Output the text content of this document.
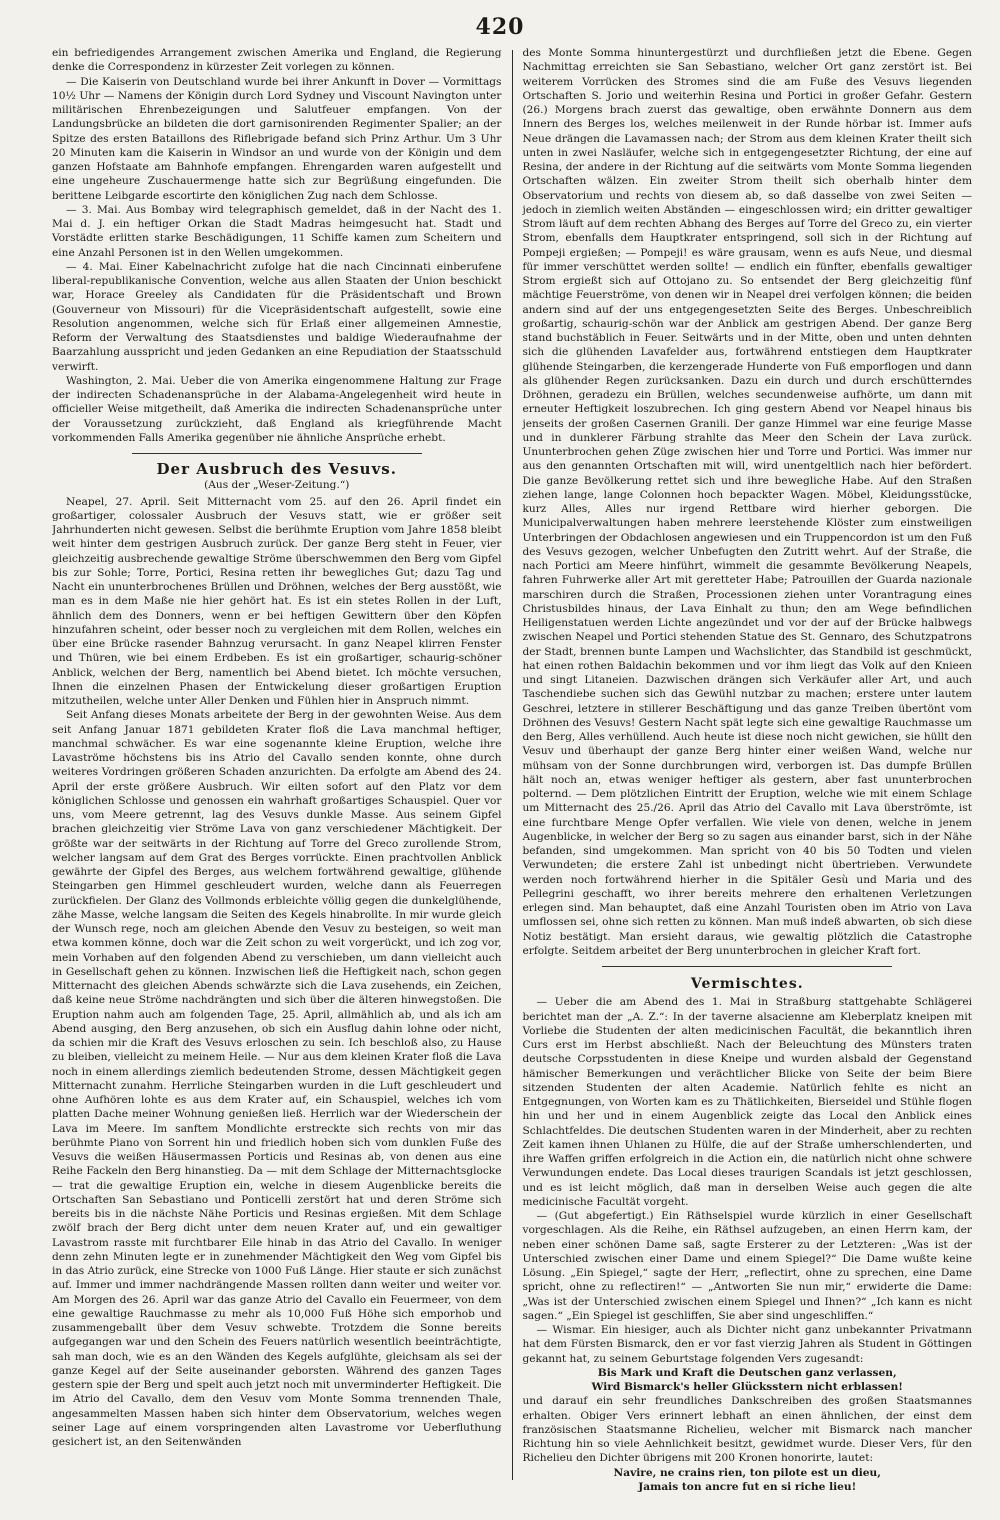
420

ein befriedigendes Arrangement zwischen Amerika und England, die Regierung denke die Correspondenz in kürzester Zeit vorlegen zu können.

— Die Kaiserin von Deutschland wurde bei ihrer Ankunft in Dover — Vormittags 10½ Uhr — Namens der Königin durch Lord Sydney und Viscount Navington unter militärischen Ehrenbezeigungen und Salutfeuer empfangen. Von der Landungsbrücke an bildeten die dort garnisonirenden Regimenter Spalier; an der Spitze des ersten Bataillons des Riflebrigade befand sich Prinz Arthur. Um 3 Uhr 20 Minuten kam die Kaiserin in Windsor an und wurde von der Königin und dem ganzen Hofstaate am Bahnhofe empfangen. Ehrengarden waren aufgestellt und eine ungeheure Zuschauermenge hatte sich zur Begrüßung eingefunden. Die berittene Leibgarde escortirte den königlichen Zug nach dem Schlosse.

— 3. Mai. Aus Bombay wird telegraphisch gemeldet, daß in der Nacht des 1. Mai d. J. ein heftiger Orkan die Stadt Madras heimgesucht hat. Stadt und Vorstädte erlitten starke Beschädigungen, 11 Schiffe kamen zum Scheitern und eine Anzahl Personen ist in den Wellen umgekommen.

— 4. Mai. Einer Kabelnachricht zufolge hat die nach Cincinnati einberufene liberal-republikanische Convention, welche aus allen Staaten der Union beschickt war, Horace Greeley als Candidaten für die Präsidentschaft und Brown (Gouverneur von Missouri) für die Vicepräsidentschaft aufgestellt, sowie eine Resolution angenommen, welche sich für Erlaß einer allgemeinen Amnestie, Reform der Verwaltung des Staatsdienstes und baldige Wiederaufnahme der Baarzahlung ausspricht und jeden Gedanken an eine Repudiation der Staatsschuld verwirft.

Washington, 2. Mai. Ueber die von Amerika eingenommene Haltung zur Frage der indirecten Schadenansprüche in der Alabama-Angelegenheit wird heute in officieller Weise mitgetheilt, daß Amerika die indirecten Schadenansprüche unter der Voraussetzung zurückzieht, daß England als kriegführende Macht vorkommenden Falls Amerika gegenüber nie ähnliche Ansprüche erhebt.

Der Ausbruch des Vesuvs.
(Aus der „Weser-Zeitung.“)

Neapel, 27. April. Seit Mitternacht vom 25. auf den 26. April findet ein großartiger, colossaler Ausbruch der Vesuvs statt, wie er größer seit Jahrhunderten nicht gewesen. Selbst die berühmte Eruption vom Jahre 1858 bleibt weit hinter dem gestrigen Ausbruch zurück. Der ganze Berg steht in Feuer, vier gleichzeitig ausbrechende gewaltige Ströme überschwemmen den Berg vom Gipfel bis zur Sohle; Torre, Portici, Resina retten ihr bewegliches Gut; dazu Tag und Nacht ein ununterbrochenes Brüllen und Dröhnen, welches der Berg ausstößt, wie man es in dem Maße nie hier gehört hat. Es ist ein stetes Rollen in der Luft, ähnlich dem des Donners, wenn er bei heftigen Gewittern über den Köpfen hinzufahren scheint, oder besser noch zu vergleichen mit dem Rollen, welches ein über eine Brücke rasender Bahnzug verursacht. In ganz Neapel klirren Fenster und Thüren, wie bei einem Erdbeben. Es ist ein großartiger, schaurig-schöner Anblick, welchen der Berg, namentlich bei Abend bietet. Ich möchte versuchen, Ihnen die einzelnen Phasen der Entwickelung dieser großartigen Eruption mitzutheilen, welche unter Aller Denken und Fühlen hier in Anspruch nimmt.

Seit Anfang dieses Monats arbeitete der Berg in der gewohnten Weise. Aus dem seit Anfang Januar 1871 gebildeten Krater floß die Lava manchmal heftiger, manchmal schwächer. Es war eine sogenannte kleine Eruption, welche ihre Lavaströme höchstens bis ins Atrio del Cavallo senden konnte, ohne durch weiteres Vordringen größeren Schaden anzurichten. Da erfolgte am Abend des 24. April der erste größere Ausbruch. Wir eilten sofort auf den Platz vor dem königlichen Schlosse und genossen ein wahrhaft großartiges Schauspiel. Quer vor uns, vom Meere getrennt, lag des Vesuvs dunkle Masse. Aus seinem Gipfel brachen gleichzeitig vier Ströme Lava von ganz verschiedener Mächtigkeit. Der größte war der seitwärts in der Richtung auf Torre del Greco zurollende Strom, welcher langsam auf dem Grat des Berges vorrückte. Einen prachtvollen Anblick gewährte der Gipfel des Berges, aus welchem fortwährend gewaltige, glühende Steingarben gen Himmel geschleudert wurden, welche dann als Feuerregen zurückfielen. Der Glanz des Vollmonds erbleichte völlig gegen die dunkelglühende, zähe Masse, welche langsam die Seiten des Kegels hinabrollte. In mir wurde gleich der Wunsch rege, noch am gleichen Abende den Vesuv zu besteigen, so weit man etwa kommen könne, doch war die Zeit schon zu weit vorgerückt, und ich zog vor, mein Vorhaben auf den folgenden Abend zu verschieben, um dann vielleicht auch in Gesellschaft gehen zu können. Inzwischen ließ die Heftigkeit nach, schon gegen Mitternacht des gleichen Abends schwärzte sich die Lava zusehends, ein Zeichen, daß keine neue Ströme nachdrängten und sich über die älteren hinwegstoßen. Die Eruption nahm auch am folgenden Tage, 25. April, allmählich ab, und als ich am Abend ausging, den Berg anzusehen, ob sich ein Ausflug dahin lohne oder nicht, da schien mir die Kraft des Vesuvs erloschen zu sein. Ich beschloß also, zu Hause zu bleiben, vielleicht zu meinem Heile. — Nur aus dem kleinen Krater floß die Lava noch in einem allerdings ziemlich bedeutenden Strome, dessen Mächtigkeit gegen Mitternacht zunahm. Herrliche Steingarben wurden in die Luft geschleudert und ohne Aufhören lohte es aus dem Krater auf, ein Schauspiel, welches ich vom platten Dache meiner Wohnung genießen ließ. Herrlich war der Wiederschein der Lava im Meere. Im sanftem Mondlichte erstreckte sich rechts von mir das berühmte Piano von Sorrent hin und friedlich hoben sich vom dunklen Fuße des Vesuvs die weißen Häusermassen Porticis und Resinas ab, von denen aus eine Reihe Fackeln den Berg hinanstieg. Da — mit dem Schlage der Mitternachtsglocke — trat die gewaltige Eruption ein, welche in diesem Augenblicke bereits die Ortschaften San Sebastiano und Ponticelli zerstört hat und deren Ströme sich bereits bis in die nächste Nähe Porticis und Resinas ergießen. Mit dem Schlage zwölf brach der Berg dicht unter dem neuen Krater auf, und ein gewaltiger Lavastrom rasste mit furchtbarer Eile hinab in das Atrio del Cavallo. In weniger denn zehn Minuten legte er in zunehmender Mächtigkeit den Weg vom Gipfel bis in das Atrio zurück, eine Strecke von 1000 Fuß Länge. Hier staute er sich zunächst auf. Immer und immer nachdrängende Massen rollten dann weiter und weiter vor. Am Morgen des 26. April war das ganze Atrio del Cavallo ein Feuermeer, von dem eine gewaltige Rauchmasse zu mehr als 10,000 Fuß Höhe sich emporhob und zusammengeballt über dem Vesuv schwebte. Trotzdem die Sonne bereits aufgegangen war und den Schein des Feuers natürlich wesentlich beeinträchtigte, sah man doch, wie es an den Wänden des Kegels aufglühte, gleichsam als sei der ganze Kegel auf der Seite auseinander geborsten. Während des ganzen Tages gestern spie der Berg und spelt auch jetzt noch mit unverminderter Heftigkeit. Die im Atrio del Cavallo, dem den Vesuv vom Monte Somma trennenden Thale, angesammelten Massen haben sich hinter dem Observatorium, welches wegen seiner Lage auf einem vorspringenden alten Lavastrome vor Ueberfluthung gesichert ist, an den Seitenwänden

des Monte Somma hinuntergestürzt und durchfließen jetzt die Ebene. Gegen Nachmittag erreichten sie San Sebastiano, welcher Ort ganz zerstört ist. Bei weiterem Vorrücken des Stromes sind die am Fuße des Vesuvs liegenden Ortschaften S. Jorio und weiterhin Resina und Portici in großer Gefahr. Gestern (26.) Morgens brach zuerst das gewaltige, oben erwähnte Donnern aus dem Innern des Berges los, welches meilenweit in der Runde hörbar ist. Immer aufs Neue drängen die Lavamassen nach; der Strom aus dem kleinen Krater theilt sich unten in zwei Nasläufer, welche sich in entgegengesetzter Richtung, der eine auf Resina, der andere in der Richtung auf die seitwärts vom Monte Somma liegenden Ortschaften wälzen. Ein zweiter Strom theilt sich oberhalb hinter dem Observatorium und rechts von diesem ab, so daß dasselbe von zwei Seiten — jedoch in ziemlich weiten Abständen — eingeschlossen wird; ein dritter gewaltiger Strom läuft auf dem rechten Abhang des Berges auf Torre del Greco zu, ein vierter Strom, ebenfalls dem Hauptkrater entspringend, soll sich in der Richtung auf Pompeji ergießen; — Pompeji! es wäre grausam, wenn es aufs Neue, und diesmal für immer verschüttet werden sollte! — endlich ein fünfter, ebenfalls gewaltiger Strom ergießt sich auf Ottojano zu. So entsendet der Berg gleichzeitig fünf mächtige Feuerströme, von denen wir in Neapel drei verfolgen können; die beiden andern sind auf der uns entgegengesetzten Seite des Berges. Unbeschreiblich großartig, schaurig-schön war der Anblick am gestrigen Abend. Der ganze Berg stand buchstäblich in Feuer. Seitwärts und in der Mitte, oben und unten dehnten sich die glühenden Lavafelder aus, fortwährend entstiegen dem Hauptkrater glühende Steingarben, die kerzengerade Hunderte von Fuß emporflogen und dann als glühender Regen zurücksanken. Dazu ein durch und durch erschütterndes Dröhnen, geradezu ein Brüllen, welches secundenweise aufhörte, um dann mit erneuter Heftigkeit loszubrechen. Ich ging gestern Abend vor Neapel hinaus bis jenseits der großen Casernen Granili. Der ganze Himmel war eine feurige Masse und in dunklerer Färbung strahlte das Meer den Schein der Lava zurück. Ununterbrochen gehen Züge zwischen hier und Torre und Portici. Was immer nur aus den genannten Ortschaften mit will, wird unentgeltlich nach hier befördert. Die ganze Bevölkerung rettet sich und ihre bewegliche Habe. Auf den Straßen ziehen lange, lange Colonnen hoch bepackter Wagen. Möbel, Kleidungsstücke, kurz Alles, Alles nur irgend Rettbare wird hierher geborgen. Die Municipalverwaltungen haben mehrere leerstehende Klöster zum einstweiligen Unterbringen der Obdachlosen angewiesen und ein Truppencordon ist um den Fuß des Vesuvs gezogen, welcher Unbefugten den Zutritt wehrt. Auf der Straße, die nach Portici am Meere hinführt, wimmelt die gesammte Bevölkerung Neapels, fahren Fuhrwerke aller Art mit geretteter Habe; Patrouillen der Guarda nazionale marschiren durch die Straßen, Processionen ziehen unter Vorantragung eines Christusbildes hinaus, der Lava Einhalt zu thun; den am Wege befindlichen Heiligenstatuen werden Lichte angezündet und vor der auf der Brücke halbwegs zwischen Neapel und Portici stehenden Statue des St. Gennaro, des Schutzpatrons der Stadt, brennen bunte Lampen und Wachslichter, das Standbild ist geschmückt, hat einen rothen Baldachin bekommen und vor ihm liegt das Volk auf den Knieen und singt Litaneien. Dazwischen drängen sich Verkäufer aller Art, und auch Taschendiebe suchen sich das Gewühl nutzbar zu machen; erstere unter lautem Geschrei, letztere in stillerer Beschäftigung und das ganze Treiben übertönt vom Dröhnen des Vesuvs! Gestern Nacht spät legte sich eine gewaltige Rauchmasse um den Berg, Alles verhüllend. Auch heute ist diese noch nicht gewichen, sie hüllt den Vesuv und überhaupt der ganze Berg hinter einer weißen Wand, welche nur mühsam von der Sonne durchbrungen wird, verborgen ist. Das dumpfe Brüllen hält noch an, etwas weniger heftiger als gestern, aber fast ununterbrochen polternd. — Dem plötzlichen Eintritt der Eruption, welche wie mit einem Schlage um Mitternacht des 25./26. April das Atrio del Cavallo mit Lava überströmte, ist eine furchtbare Menge Opfer verfallen. Wie viele von denen, welche in jenem Augenblicke, in welcher der Berg so zu sagen aus einander barst, sich in der Nähe befanden, sind umgekommen. Man spricht von 40 bis 50 Todten und vielen Verwundeten; die erstere Zahl ist unbedingt nicht übertrieben. Verwundete werden noch fortwährend hierher in die Spitäler Gesù und Maria und des Pellegrini geschafft, wo ihrer bereits mehrere den erhaltenen Verletzungen erlegen sind. Man behauptet, daß eine Anzahl Touristen oben im Atrio von Lava umflossen sei, ohne sich retten zu können. Man muß indeß abwarten, ob sich diese Notiz bestätigt. Man ersieht daraus, wie gewaltig plötzlich die Catastrophe erfolgte. Seitdem arbeitet der Berg ununterbrochen in gleicher Kraft fort.

Vermischtes.

— Ueber die am Abend des 1. Mai in Straßburg stattgehabte Schlägerei berichtet man der „A. Z.“: In der taverne alsacienne am Kleberplatz kneipen mit Vorliebe die Studenten der alten medicinischen Facultät, die bekanntlich ihren Curs erst im Herbst abschließt. Nach der Beleuchtung des Münsters traten deutsche Corpsstudenten in diese Kneipe und wurden alsbald der Gegenstand hämischer Bemerkungen und verächtlicher Blicke von Seite der beim Biere sitzenden Studenten der alten Academie. Natürlich fehlte es nicht an Entgegnungen, von Worten kam es zu Thätlichkeiten, Bierseidel und Stühle flogen hin und her und in einem Augenblick zeigte das Local den Anblick eines Schlachtfeldes. Die deutschen Studenten waren in der Minderheit, aber zu rechten Zeit kamen ihnen Uhlanen zu Hülfe, die auf der Straße umherschlenderten, und ihre Waffen griffen erfolgreich in die Action ein, die natürlich nicht ohne schwere Verwundungen endete. Das Local dieses traurigen Scandals ist jetzt geschlossen, und es ist leicht möglich, daß man in derselben Weise auch gegen die alte medicinische Facultät vorgeht.

— (Gut abgefertigt.) Ein Räthselspiel wurde kürzlich in einer Gesellschaft vorgeschlagen. Als die Reihe, ein Räthsel aufzugeben, an einen Herrn kam, der neben einer schönen Dame saß, sagte Ersterer zu der Letzteren: „Was ist der Unterschied zwischen einer Dame und einem Spiegel?“ Die Dame wußte keine Lösung. „Ein Spiegel,“ sagte der Herr, „reflectirt, ohne zu sprechen, eine Dame spricht, ohne zu reflectiren!“ — „Antworten Sie nun mir,“ erwiderte die Dame: „Was ist der Unterschied zwischen einem Spiegel und Ihnen?“ „Ich kann es nicht sagen.“ „Ein Spiegel ist geschliffen, Sie aber sind ungeschliffen.“

— Wismar. Ein hiesiger, auch als Dichter nicht ganz unbekannter Privatmann hat dem Fürsten Bismarck, den er vor fast vierzig Jahren als Student in Göttingen gekannt hat, zu seinem Geburtstage folgenden Vers zugesandt:

Bis Mark und Kraft die Deutschen ganz verlassen,

Wird Bismarck's heller Glücksstern nicht erblassen!

und darauf ein sehr freundliches Dankschreiben des großen Staatsmannes erhalten. Obiger Vers erinnert lebhaft an einen ähnlichen, der einst dem französischen Staatsmanne Richelieu, welcher mit Bismarck nach mancher Richtung hin so viele Aehnlichkeit besitzt, gewidmet wurde. Dieser Vers, für den Richelieu den Dichter übrigens mit 200 Kronen honorirte, lautet:

Navire, ne crains rien, ton pilote est un dieu,

Jamais ton ancre fut en si riche lieu!
